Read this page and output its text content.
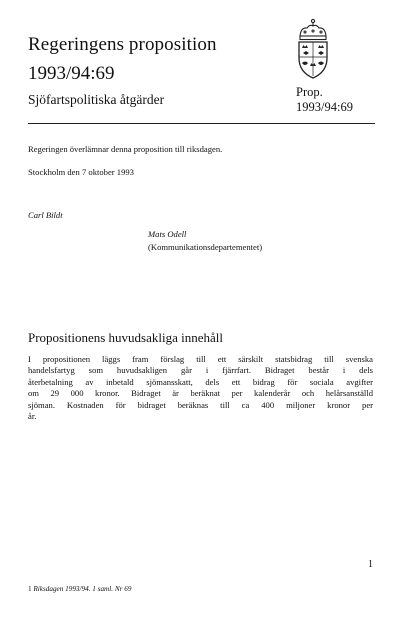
Regeringens proposition
1993/94:69
Sjöfartspolitiska åtgärder	Prop.
1993/94:69
Regeringen överlämnar denna proposition till riksdagen.
Stockholm den 7 oktober 1993
Carl Bildt
Mats Odell
(Kommunikationsdepartementet)
Propositionens huvudsakliga innehåll
I propositionen läggs fram förslag till ett särskilt statsbidrag till svenska
handelsfartyg som huvudsakligen går i fjärrfart. Bidraget består i dels
återbetalning av inbetald sjömansskatt, dels ett bidrag för sociala avgifter
om 29 000 kronor. Bidraget är beräknat per kalenderår och helårsanställd
sjöman. Kostnaden för bidraget beräknas till ca 400 miljoner kronor per
år.
1
1 Riksdagen 1993/94. 1 saml. Nr 69
